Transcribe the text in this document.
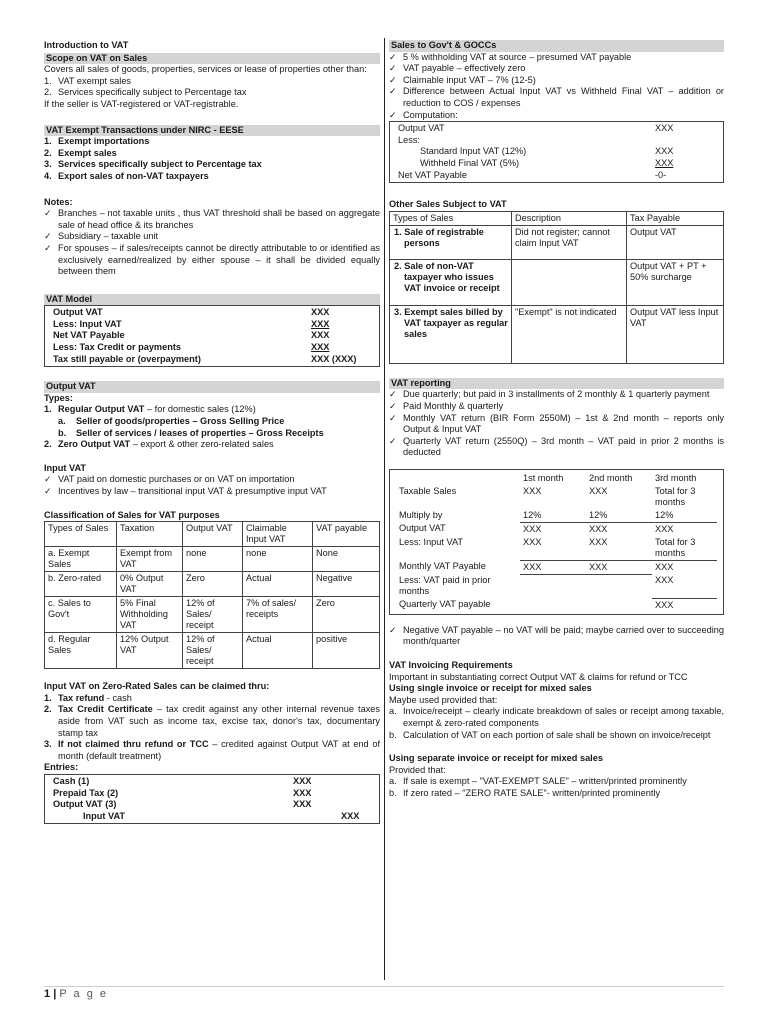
Introduction to VAT
Scope on VAT on Sales
Covers all sales of goods, properties, services or lease of properties other than:
1. VAT exempt sales
2. Services specifically subject to Percentage tax
If the seller is VAT-registered or VAT-registrable.
VAT Exempt Transactions under NIRC - EESE
1. Exempt importations
2. Exempt sales
3. Services specifically subject to Percentage tax
4. Export sales of non-VAT taxpayers
Notes:
✓ Branches – not taxable units , thus VAT threshold shall be based on aggregate sale of head office & its branches
✓ Subsidiary – taxable unit
✓ For spouses – if sales/receipts cannot be directly attributable to or identified as exclusively earned/realized by either spouse – it shall be divided equally between them
VAT Model
Output VAT	XXX
Less: Input VAT	XXX
Net VAT Payable	XXX
Less: Tax Credit or payments	XXX
Tax still payable or (overpayment)	XXX (XXX)
Output VAT
Types:
1. Regular Output VAT – for domestic sales (12%)
a.	Seller of goods/properties – Gross Selling Price
b.	Seller of services / leases of properties – Gross Receipts
2. Zero Output VAT – export & other zero-related sales
Input VAT
✓ VAT paid on domestic purchases or on VAT on importation
✓ Incentives by law – transitional input VAT & presumptive input VAT
Classification of Sales for VAT purposes
Types of Sales	Taxation	Output VAT	Claimable Input VAT	VAT payable
a. Exempt Sales	Exempt from VAT	none	none	None
b. Zero-rated	0% Output VAT	Zero	Actual	Negative
c. Sales to Gov't	5% Final Withholding VAT	12% of Sales/ receipt	7% of sales/ receipts	Zero
d. Regular Sales	12% Output VAT	12% of Sales/ receipt	Actual	positive
Input VAT on Zero-Rated Sales can be claimed thru:
1. Tax refund - cash
2. Tax Credit Certificate – tax credit against any other internal revenue taxes aside from VAT such as income tax, excise tax, donor's tax, documentary stamp tax
3. If not claimed thru refund or TCC – credited against Output VAT at end of month (default treatment)
Entries:
Cash (1)	XXX
Prepaid Tax (2)	XXX
Output VAT (3)	XXX
Input VAT	XXX
Sales to Gov't & GOCCs
✓ 5 % withholding VAT at source – presumed VAT payable
✓ VAT payable – effectively zero
✓ Claimable input VAT – 7% (12-5)
✓ Difference between Actual Input VAT vs Withheld Final VAT – addition or reduction to COS / expenses
✓ Computation:
Output VAT	XXX
Less:
Standard Input VAT (12%)	XXX
Withheld Final VAT (5%)	XXX
Net VAT Payable	-0-
Other Sales Subject to VAT
Types of Sales	Description	Tax Payable
1. Sale of registrable persons	Did not register; cannot claim Input VAT	Output VAT
2. Sale of non-VAT taxpayer who issues VAT invoice or receipt		Output VAT + PT + 50% surcharge
3. Exempt sales billed by VAT taxpayer as regular sales	"Exempt" is not indicated	Output VAT less Input VAT
VAT reporting
✓ Due quarterly; but paid in 3 installments of 2 monthly & 1 quarterly payment
✓ Paid Monthly & quarterly
✓ Monthly VAT return (BIR Form 2550M) – 1st & 2nd month – reports only Output & Input VAT
✓ Quarterly VAT return (2550Q) – 3rd month – VAT paid in prior 2 months is deducted
	1st month	2nd month	3rd month
Taxable Sales	XXX	XXX	Total for 3 months
Multiply by	12%	12%	12%
Output VAT	XXX	XXX	XXX
Less: Input VAT	XXX	XXX	Total for 3 months
Monthly VAT Payable	XXX	XXX	XXX
Less: VAT paid in prior months			XXX
Quarterly VAT payable			XXX
✓ Negative VAT payable – no VAT will be paid; maybe carried over to succeeding month/quarter
VAT Invoicing Requirements
Important in substantiating correct Output VAT & claims for refund or TCC
Using single invoice or receipt for mixed sales
Maybe used provided that:
a. Invoice/receipt – clearly indicate breakdown of sales or receipt among taxable, exempt & zero-rated components
b. Calculation of VAT on each portion of sale shall be shown on invoice/receipt
Using separate invoice or receipt for mixed sales
Provided that:
a. If sale is exempt – "VAT-EXEMPT SALE" – written/printed prominently
b. If zero rated – "ZERO RATE SALE"- written/printed prominently
1 | P a g e
